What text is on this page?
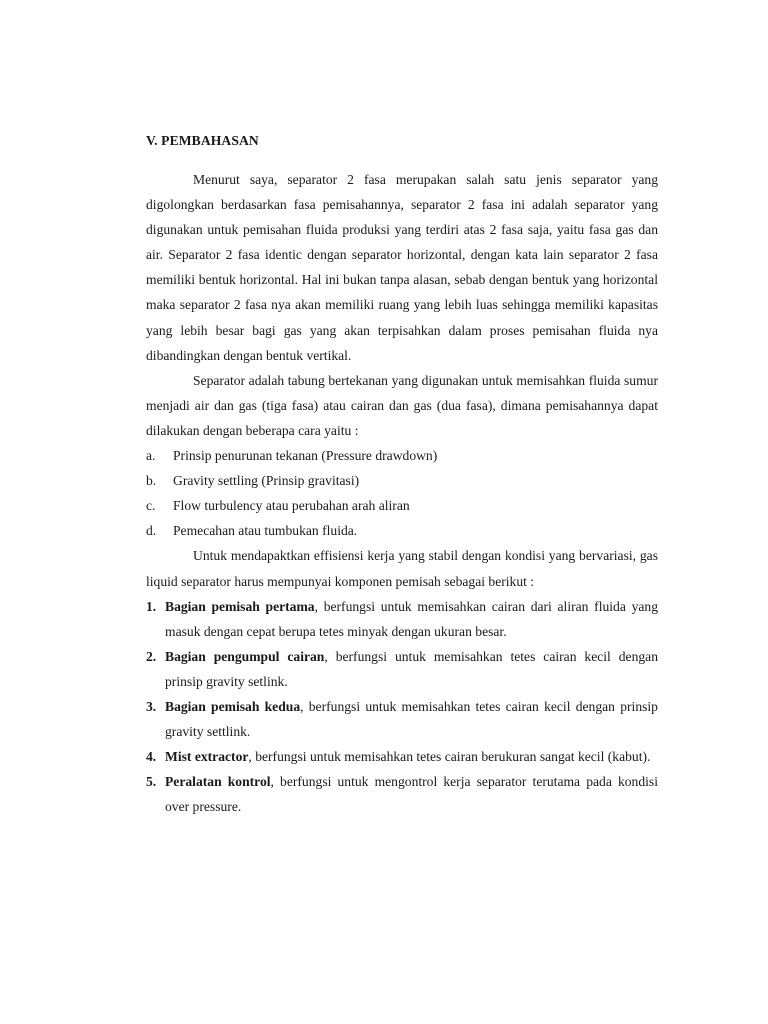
V. PEMBAHASAN

Menurut saya, separator 2 fasa merupakan salah satu jenis separator yang digolongkan berdasarkan fasa pemisahannya, separator 2 fasa ini adalah separator yang digunakan untuk pemisahan fluida produksi yang terdiri atas 2 fasa saja, yaitu fasa gas dan air. Separator 2 fasa identic dengan separator horizontal, dengan kata lain separator 2 fasa memiliki bentuk horizontal. Hal ini bukan tanpa alasan, sebab dengan bentuk yang horizontal maka separator 2 fasa nya akan memiliki ruang yang lebih luas sehingga memiliki kapasitas yang lebih besar bagi gas yang akan terpisahkan dalam proses pemisahan fluida nya dibandingkan dengan bentuk vertikal.

Separator adalah tabung bertekanan yang digunakan untuk memisahkan fluida sumur menjadi air dan gas (tiga fasa) atau cairan dan gas (dua fasa), dimana pemisahannya dapat dilakukan dengan beberapa cara yaitu :

a. Prinsip penurunan tekanan (Pressure drawdown)
b. Gravity settling (Prinsip gravitasi)
c. Flow turbulency atau perubahan arah aliran
d. Pemecahan atau tumbukan fluida.

Untuk mendapaktkan effisiensi kerja yang stabil dengan kondisi yang bervariasi, gas liquid separator harus mempunyai komponen pemisah sebagai berikut :

1. Bagian pemisah pertama, berfungsi untuk memisahkan cairan dari aliran fluida yang masuk dengan cepat berupa tetes minyak dengan ukuran besar.
2. Bagian pengumpul cairan, berfungsi untuk memisahkan tetes cairan kecil dengan prinsip gravity setlink.
3. Bagian pemisah kedua, berfungsi untuk memisahkan tetes cairan kecil dengan prinsip gravity settlink.
4. Mist extractor, berfungsi untuk memisahkan tetes cairan berukuran sangat kecil (kabut).
5. Peralatan kontrol, berfungsi untuk mengontrol kerja separator terutama pada kondisi over pressure.
